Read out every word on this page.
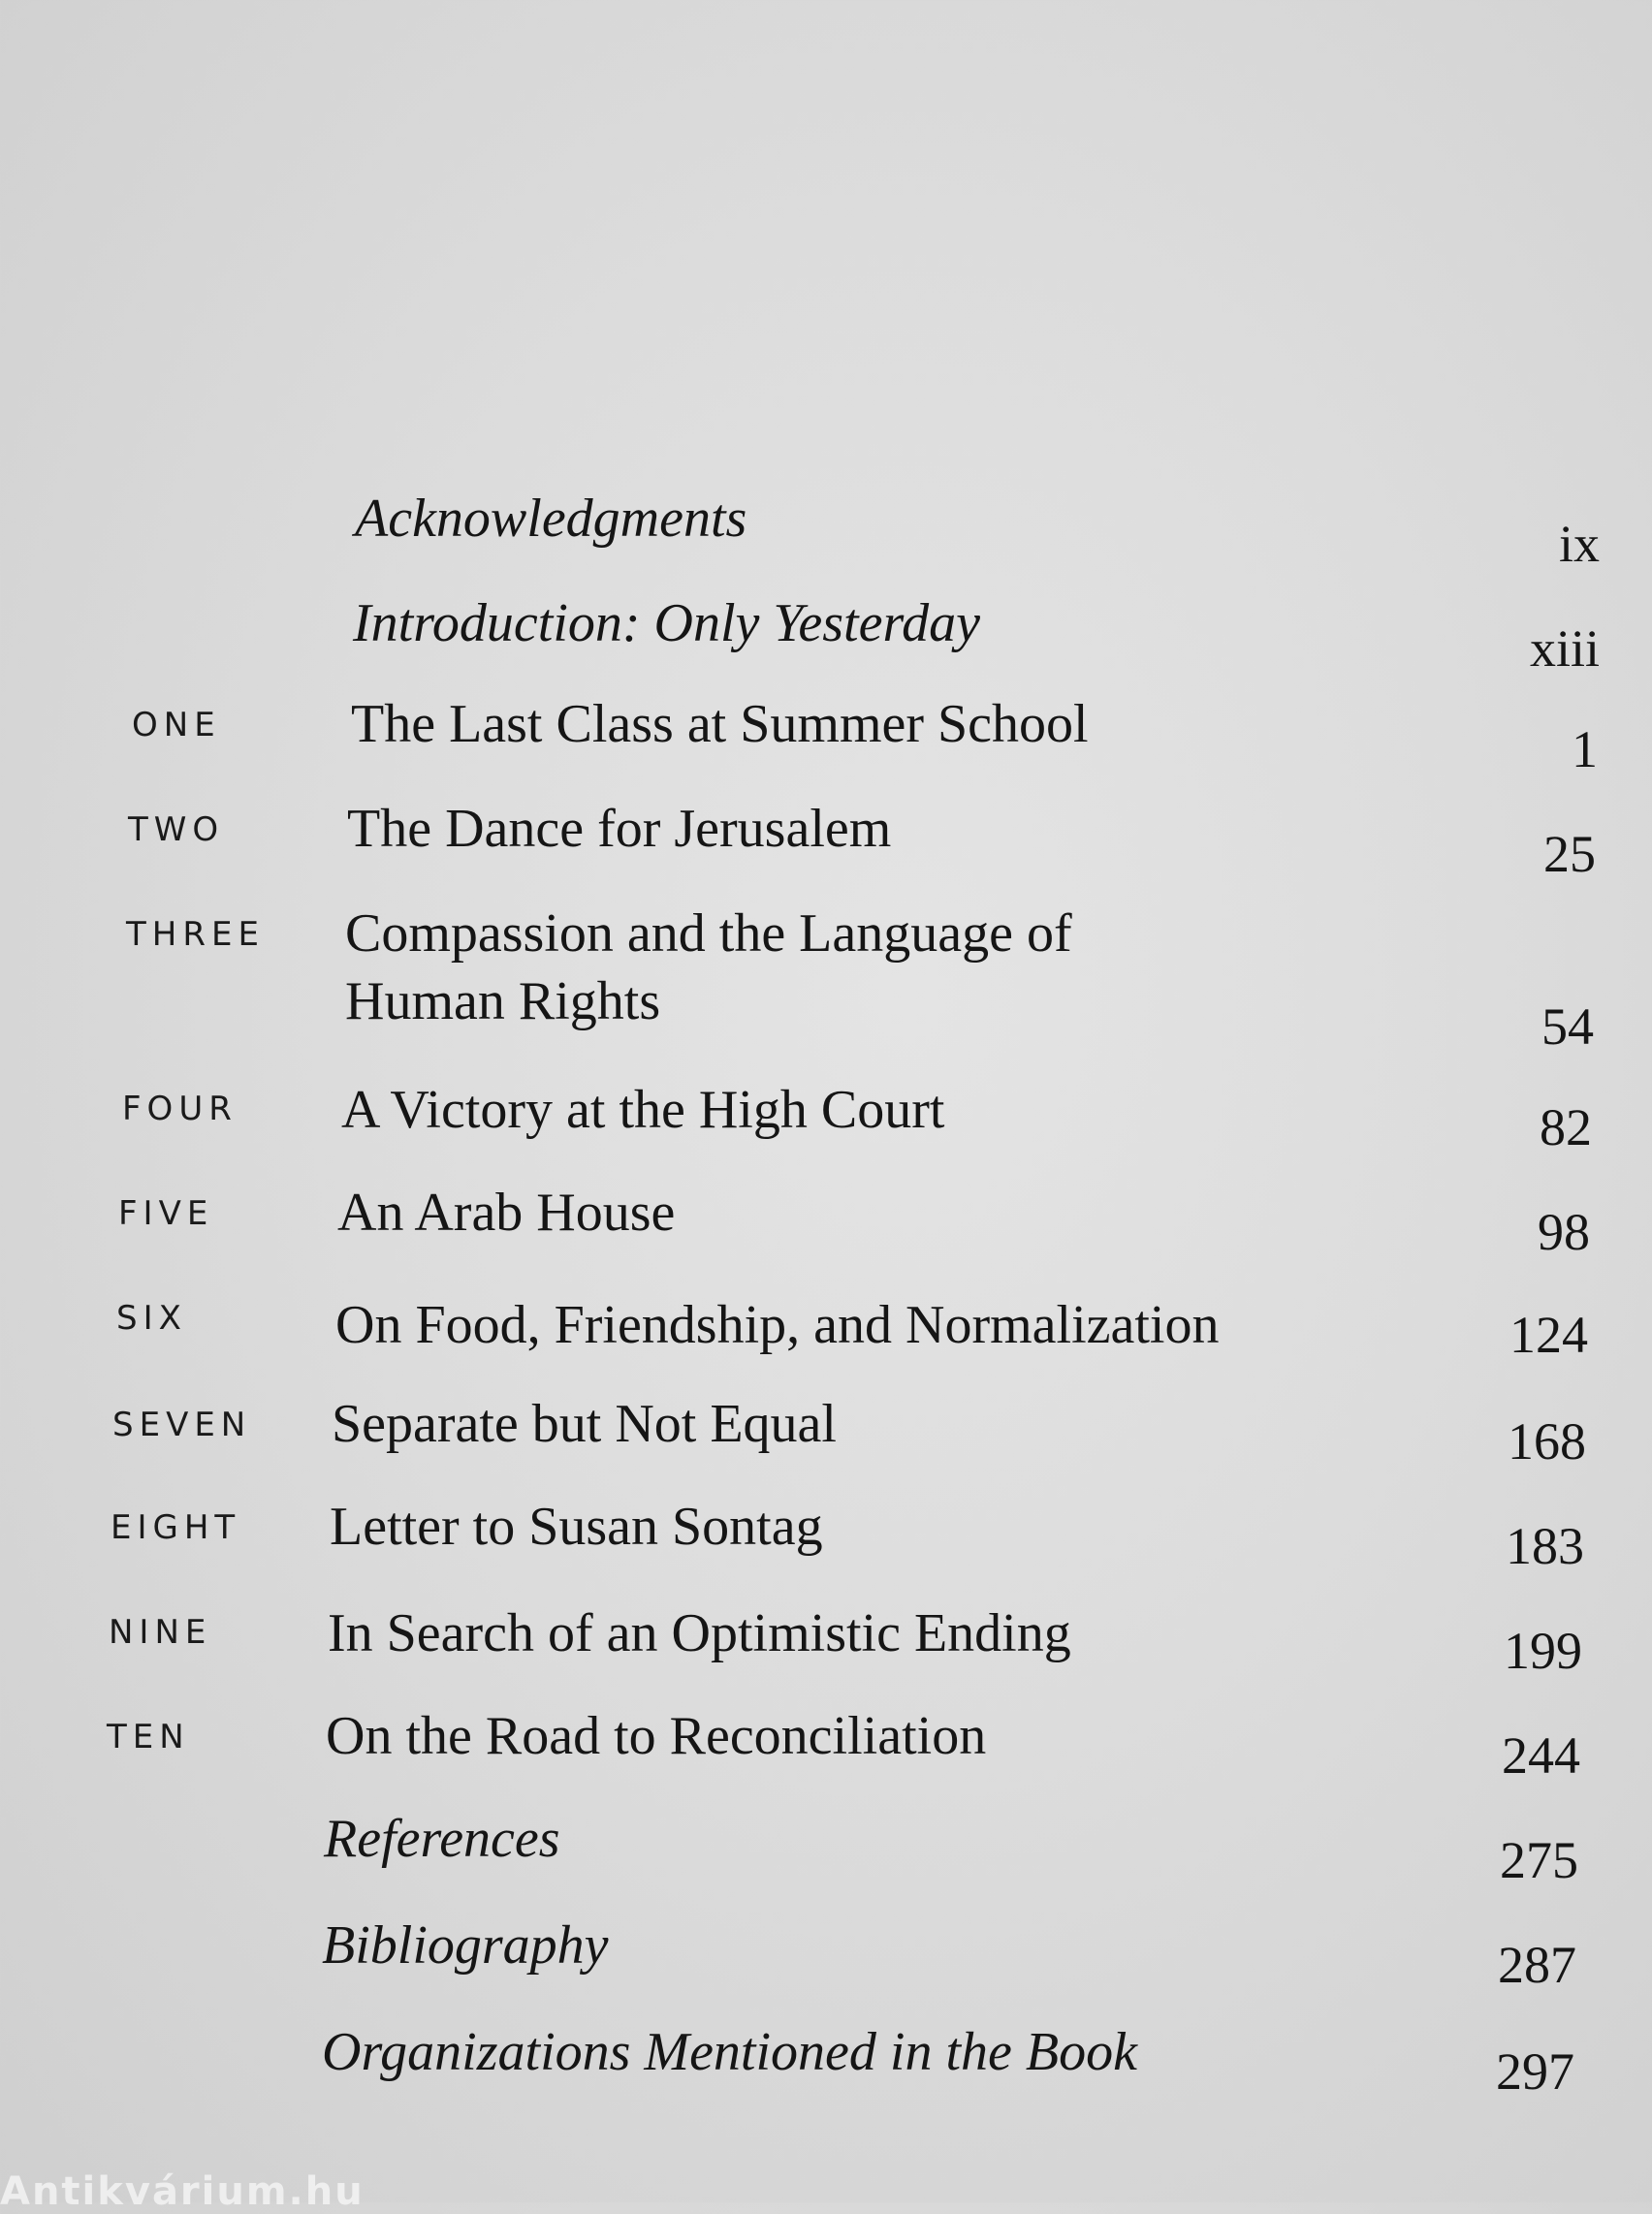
Acknowledgments	ix
Introduction: Only Yesterday	xiii
ONE The Last Class at Summer School	1
TWO The Dance for Jerusalem	25
THREE Compassion and the Language of
Human Rights	54
FOUR A Victory at the High Court	82
FIVE An Arab House	98
SIX	On Food, Friendship, and Normalization	124
SEVEN Separate but Not Equal	168
EIGHT Letter to Susan Sontag	183
NINE In Search of an Optimistic Ending	199
TEN	On the Road to Reconciliation	244
References	275
Bibliography	287
Organizations Mentioned in the Book	297
Antikvárium.hu
